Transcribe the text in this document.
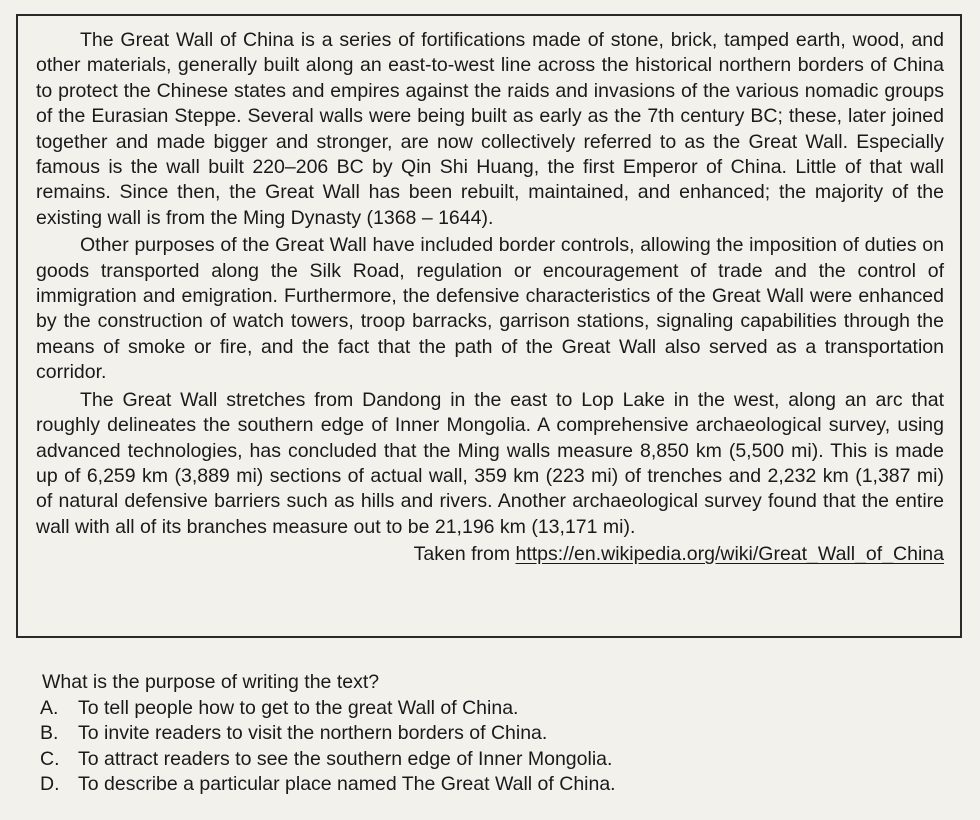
The Great Wall of China is a series of fortifications made of stone, brick, tamped earth, wood, and other materials, generally built along an east-to-west line across the historical northern borders of China to protect the Chinese states and empires against the raids and invasions of the various nomadic groups of the Eurasian Steppe. Several walls were being built as early as the 7th century BC; these, later joined together and made bigger and stronger, are now collectively referred to as the Great Wall. Especially famous is the wall built 220–206 BC by Qin Shi Huang, the first Emperor of China. Little of that wall remains. Since then, the Great Wall has been rebuilt, maintained, and enhanced; the majority of the existing wall is from the Ming Dynasty (1368 – 1644).

Other purposes of the Great Wall have included border controls, allowing the imposition of duties on goods transported along the Silk Road, regulation or encouragement of trade and the control of immigration and emigration. Furthermore, the defensive characteristics of the Great Wall were enhanced by the construction of watch towers, troop barracks, garrison stations, signaling capabilities through the means of smoke or fire, and the fact that the path of the Great Wall also served as a transportation corridor.

The Great Wall stretches from Dandong in the east to Lop Lake in the west, along an arc that roughly delineates the southern edge of Inner Mongolia. A comprehensive archaeological survey, using advanced technologies, has concluded that the Ming walls measure 8,850 km (5,500 mi). This is made up of 6,259 km (3,889 mi) sections of actual wall, 359 km (223 mi) of trenches and 2,232 km (1,387 mi) of natural defensive barriers such as hills and rivers. Another archaeological survey found that the entire wall with all of its branches measure out to be 21,196 km (13,171 mi).

Taken from https://en.wikipedia.org/wiki/Great_Wall_of_China

What is the purpose of writing the text?

A.	To tell people how to get to the great Wall of China.

B.	To invite readers to visit the northern borders of China.

C. To attract readers to see the southern edge of Inner Mongolia.

D. To describe a particular place named The Great Wall of China.
